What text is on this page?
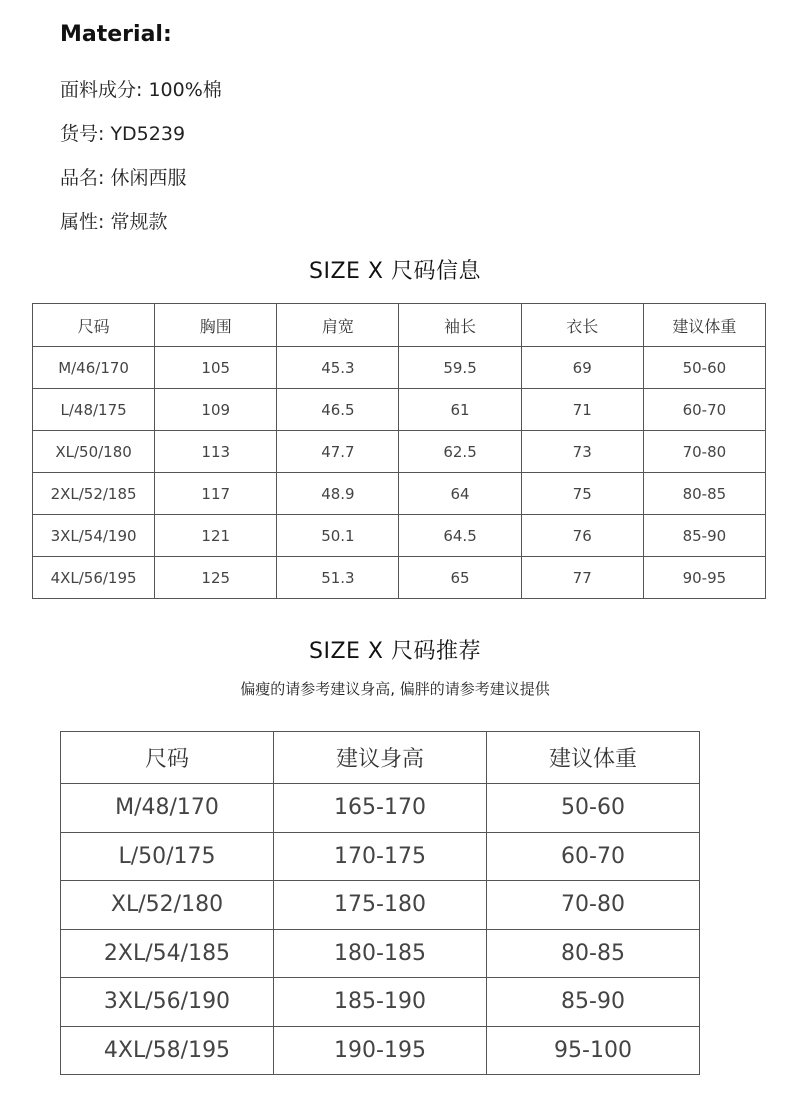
Material:
面料成分: 100%棉
货号: YD5239
品名: 休闲西服
属性: 常规款
SIZE X 尺码信息
尺码	胸围	肩宽	袖长	衣长	建议体重
M/46/170	105	45.3	59.5	69	50-60
L/48/175	109	46.5	61	71	60-70
XL/50/180	113	47.7	62.5	73	70-80
2XL/52/185	117	48.9	64	75	80-85
3XL/54/190	121	50.1	64.5	76	85-90
4XL/56/195	125	51.3	65	77	90-95
SIZE X 尺码推荐
偏瘦的请参考建议身高, 偏胖的请参考建议提供
尺码	建议身高	建议体重
M/48/170	165-170	50-60
L/50/175	170-175	60-70
XL/52/180	175-180	70-80
2XL/54/185	180-185	80-85
3XL/56/190	185-190	85-90
4XL/58/195	190-195	95-100
